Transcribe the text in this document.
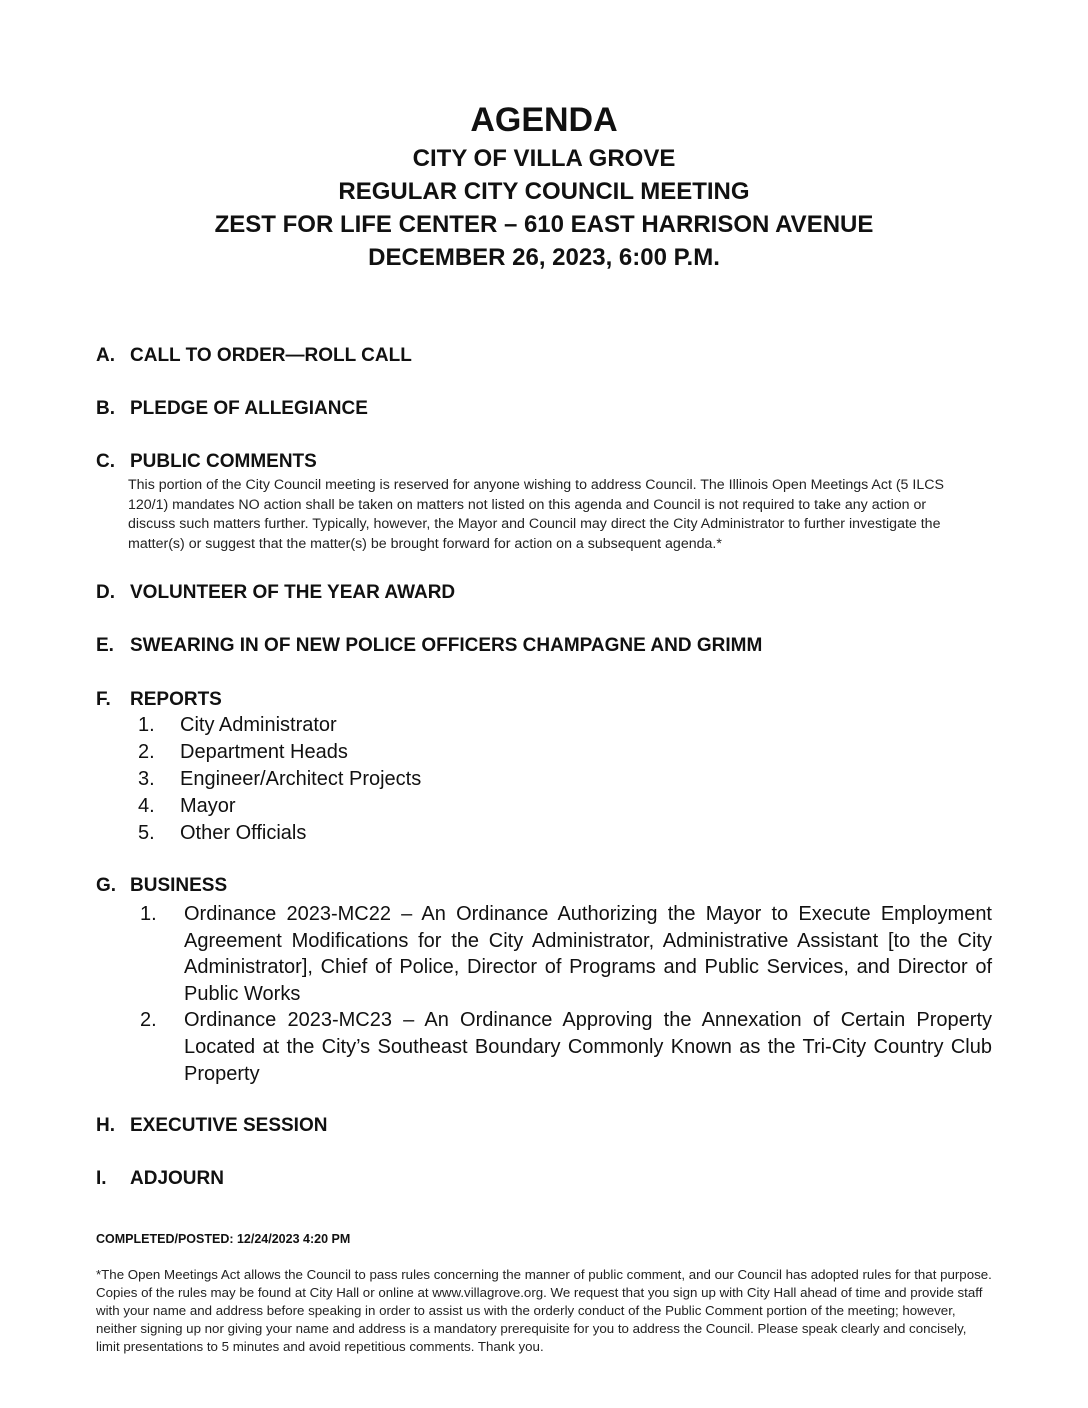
AGENDA
CITY OF VILLA GROVE
REGULAR CITY COUNCIL MEETING
ZEST FOR LIFE CENTER – 610 EAST HARRISON AVENUE
DECEMBER 26, 2023, 6:00 P.M.
A. CALL TO ORDER—ROLL CALL
B. PLEDGE OF ALLEGIANCE
C. PUBLIC COMMENTS
This portion of the City Council meeting is reserved for anyone wishing to address Council. The Illinois Open Meetings Act (5 ILCS 120/1) mandates NO action shall be taken on matters not listed on this agenda and Council is not required to take any action or discuss such matters further. Typically, however, the Mayor and Council may direct the City Administrator to further investigate the matter(s) or suggest that the matter(s) be brought forward for action on a subsequent agenda.*
D. VOLUNTEER OF THE YEAR AWARD
E. SWEARING IN OF NEW POLICE OFFICERS CHAMPAGNE AND GRIMM
F. REPORTS
1. City Administrator
2. Department Heads
3. Engineer/Architect Projects
4. Mayor
5. Other Officials
G. BUSINESS
1. Ordinance 2023-MC22 – An Ordinance Authorizing the Mayor to Execute Employment Agreement Modifications for the City Administrator, Administrative Assistant [to the City Administrator], Chief of Police, Director of Programs and Public Services, and Director of Public Works
2. Ordinance 2023-MC23 – An Ordinance Approving the Annexation of Certain Property Located at the City’s Southeast Boundary Commonly Known as the Tri-City Country Club Property
H. EXECUTIVE SESSION
I. ADJOURN
COMPLETED/POSTED: 12/24/2023 4:20 PM
*The Open Meetings Act allows the Council to pass rules concerning the manner of public comment, and our Council has adopted rules for that purpose. Copies of the rules may be found at City Hall or online at www.villagrove.org. We request that you sign up with City Hall ahead of time and provide staff with your name and address before speaking in order to assist us with the orderly conduct of the Public Comment portion of the meeting; however, neither signing up nor giving your name and address is a mandatory prerequisite for you to address the Council. Please speak clearly and concisely, limit presentations to 5 minutes and avoid repetitious comments. Thank you.
